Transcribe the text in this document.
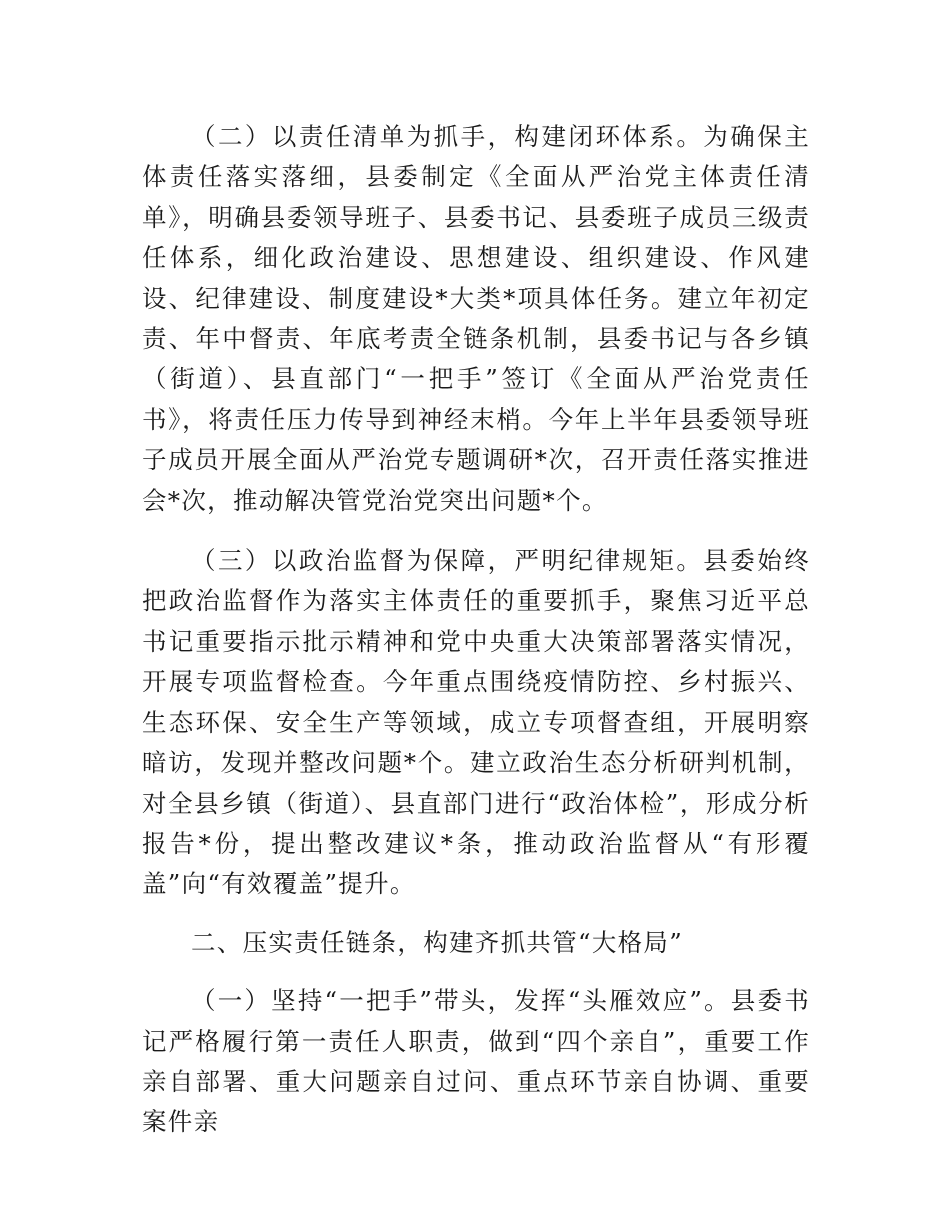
（二）以责任清单为抓手，构建闭环体系。为确保主体责任落实落细，县委制定《全面从严治党主体责任清单》，明确县委领导班子、县委书记、县委班子成员三级责任体系，细化政治建设、思想建设、组织建设、作风建设、纪律建设、制度建设*大类*项具体任务。建立年初定责、年中督责、年底考责全链条机制，县委书记与各乡镇（街道）、县直部门“一把手”签订《全面从严治党责任书》，将责任压力传导到神经末梢。今年上半年县委领导班子成员开展全面从严治党专题调研*次，召开责任落实推进会*次，推动解决管党治党突出问题*个。

（三）以政治监督为保障，严明纪律规矩。县委始终把政治监督作为落实主体责任的重要抓手，聚焦习近平总书记重要指示批示精神和党中央重大决策部署落实情况，开展专项监督检查。今年重点围绕疫情防控、乡村振兴、生态环保、安全生产等领域，成立专项督查组，开展明察暗访，发现并整改问题*个。建立政治生态分析研判机制，对全县乡镇（街道）、县直部门进行“政治体检”，形成分析报告*份，提出整改建议*条，推动政治监督从“有形覆盖”向“有效覆盖”提升。

二、压实责任链条，构建齐抓共管“大格局”

（一）坚持“一把手”带头，发挥“头雁效应”。县委书记严格履行第一责任人职责，做到“四个亲自”，重要工作亲自部署、重大问题亲自过问、重点环节亲自协调、重要案件亲
